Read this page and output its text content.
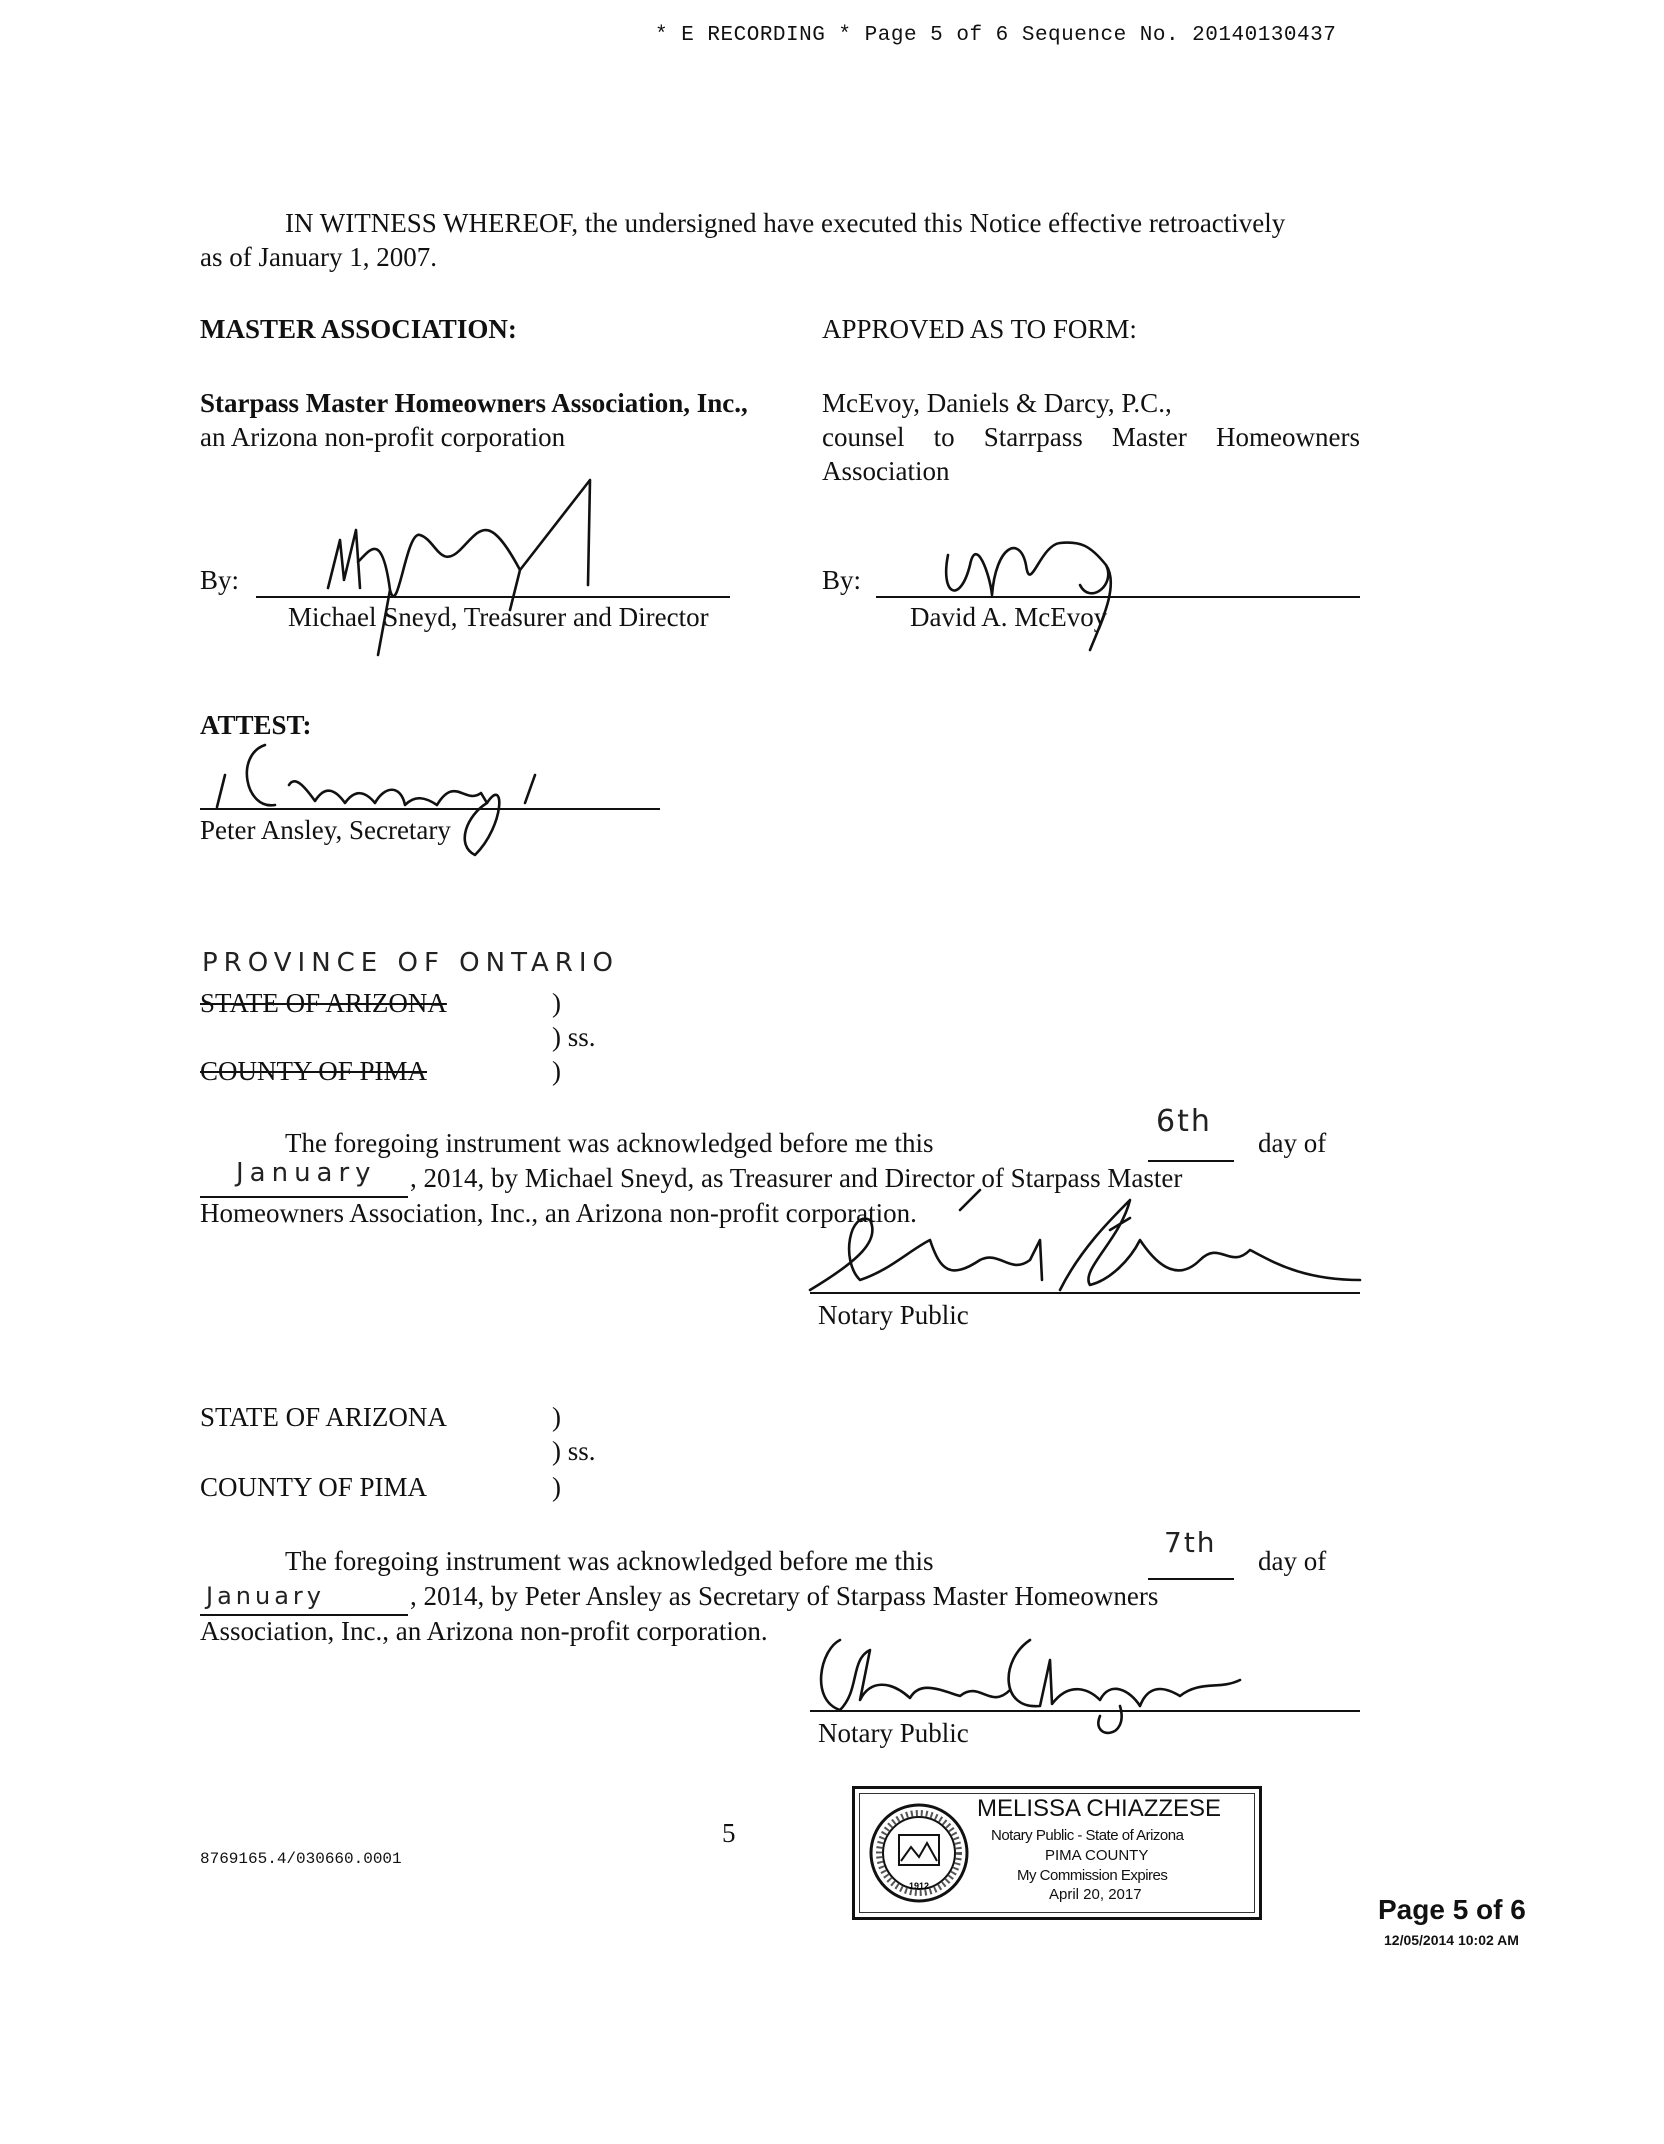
* E RECORDING * Page 5 of 6 Sequence No. 20140130437
IN WITNESS WHEREOF, the undersigned have executed this Notice effective retroactively
as of January 1, 2007.
MASTER ASSOCIATION:
Starpass Master Homeowners Association, Inc.,
an Arizona non-profit corporation
By:
Michael Sneyd, Treasurer and Director
APPROVED AS TO FORM:
McEvoy, Daniels & Darcy, P.C.,
counsel to Starrpass Master Homeowners
Association
By:
David A. McEvoy
ATTEST:
Peter Ansley, Secretary
PROVINCE OF ONTARIO
STATE OF ARIZONA	)
) ss.
COUNTY OF PIMA	)
The foregoing instrument was acknowledged before me this
6th
day of
January , 2014, by Michael Sneyd, as Treasurer and Director of Starpass Master
Homeowners Association, Inc., an Arizona non-profit corporation.
Notary Public
STATE OF ARIZONA	)
) ss.
COUNTY OF PIMA	)
The foregoing instrument was acknowledged before me this
7th
day of
January	, 2014, by Peter Ansley as Secretary of Starpass Master Homeowners
Association, Inc., an Arizona non-profit corporation.
Notary Public
5
8769165.4/030660.0001
Page 5 of 6
12/05/2014 10:02 AM
1912
MELISSA CHIAZZESE
Notary Public - State of Arizona
PIMA COUNTY
My Commission Expires
April 20, 2017
